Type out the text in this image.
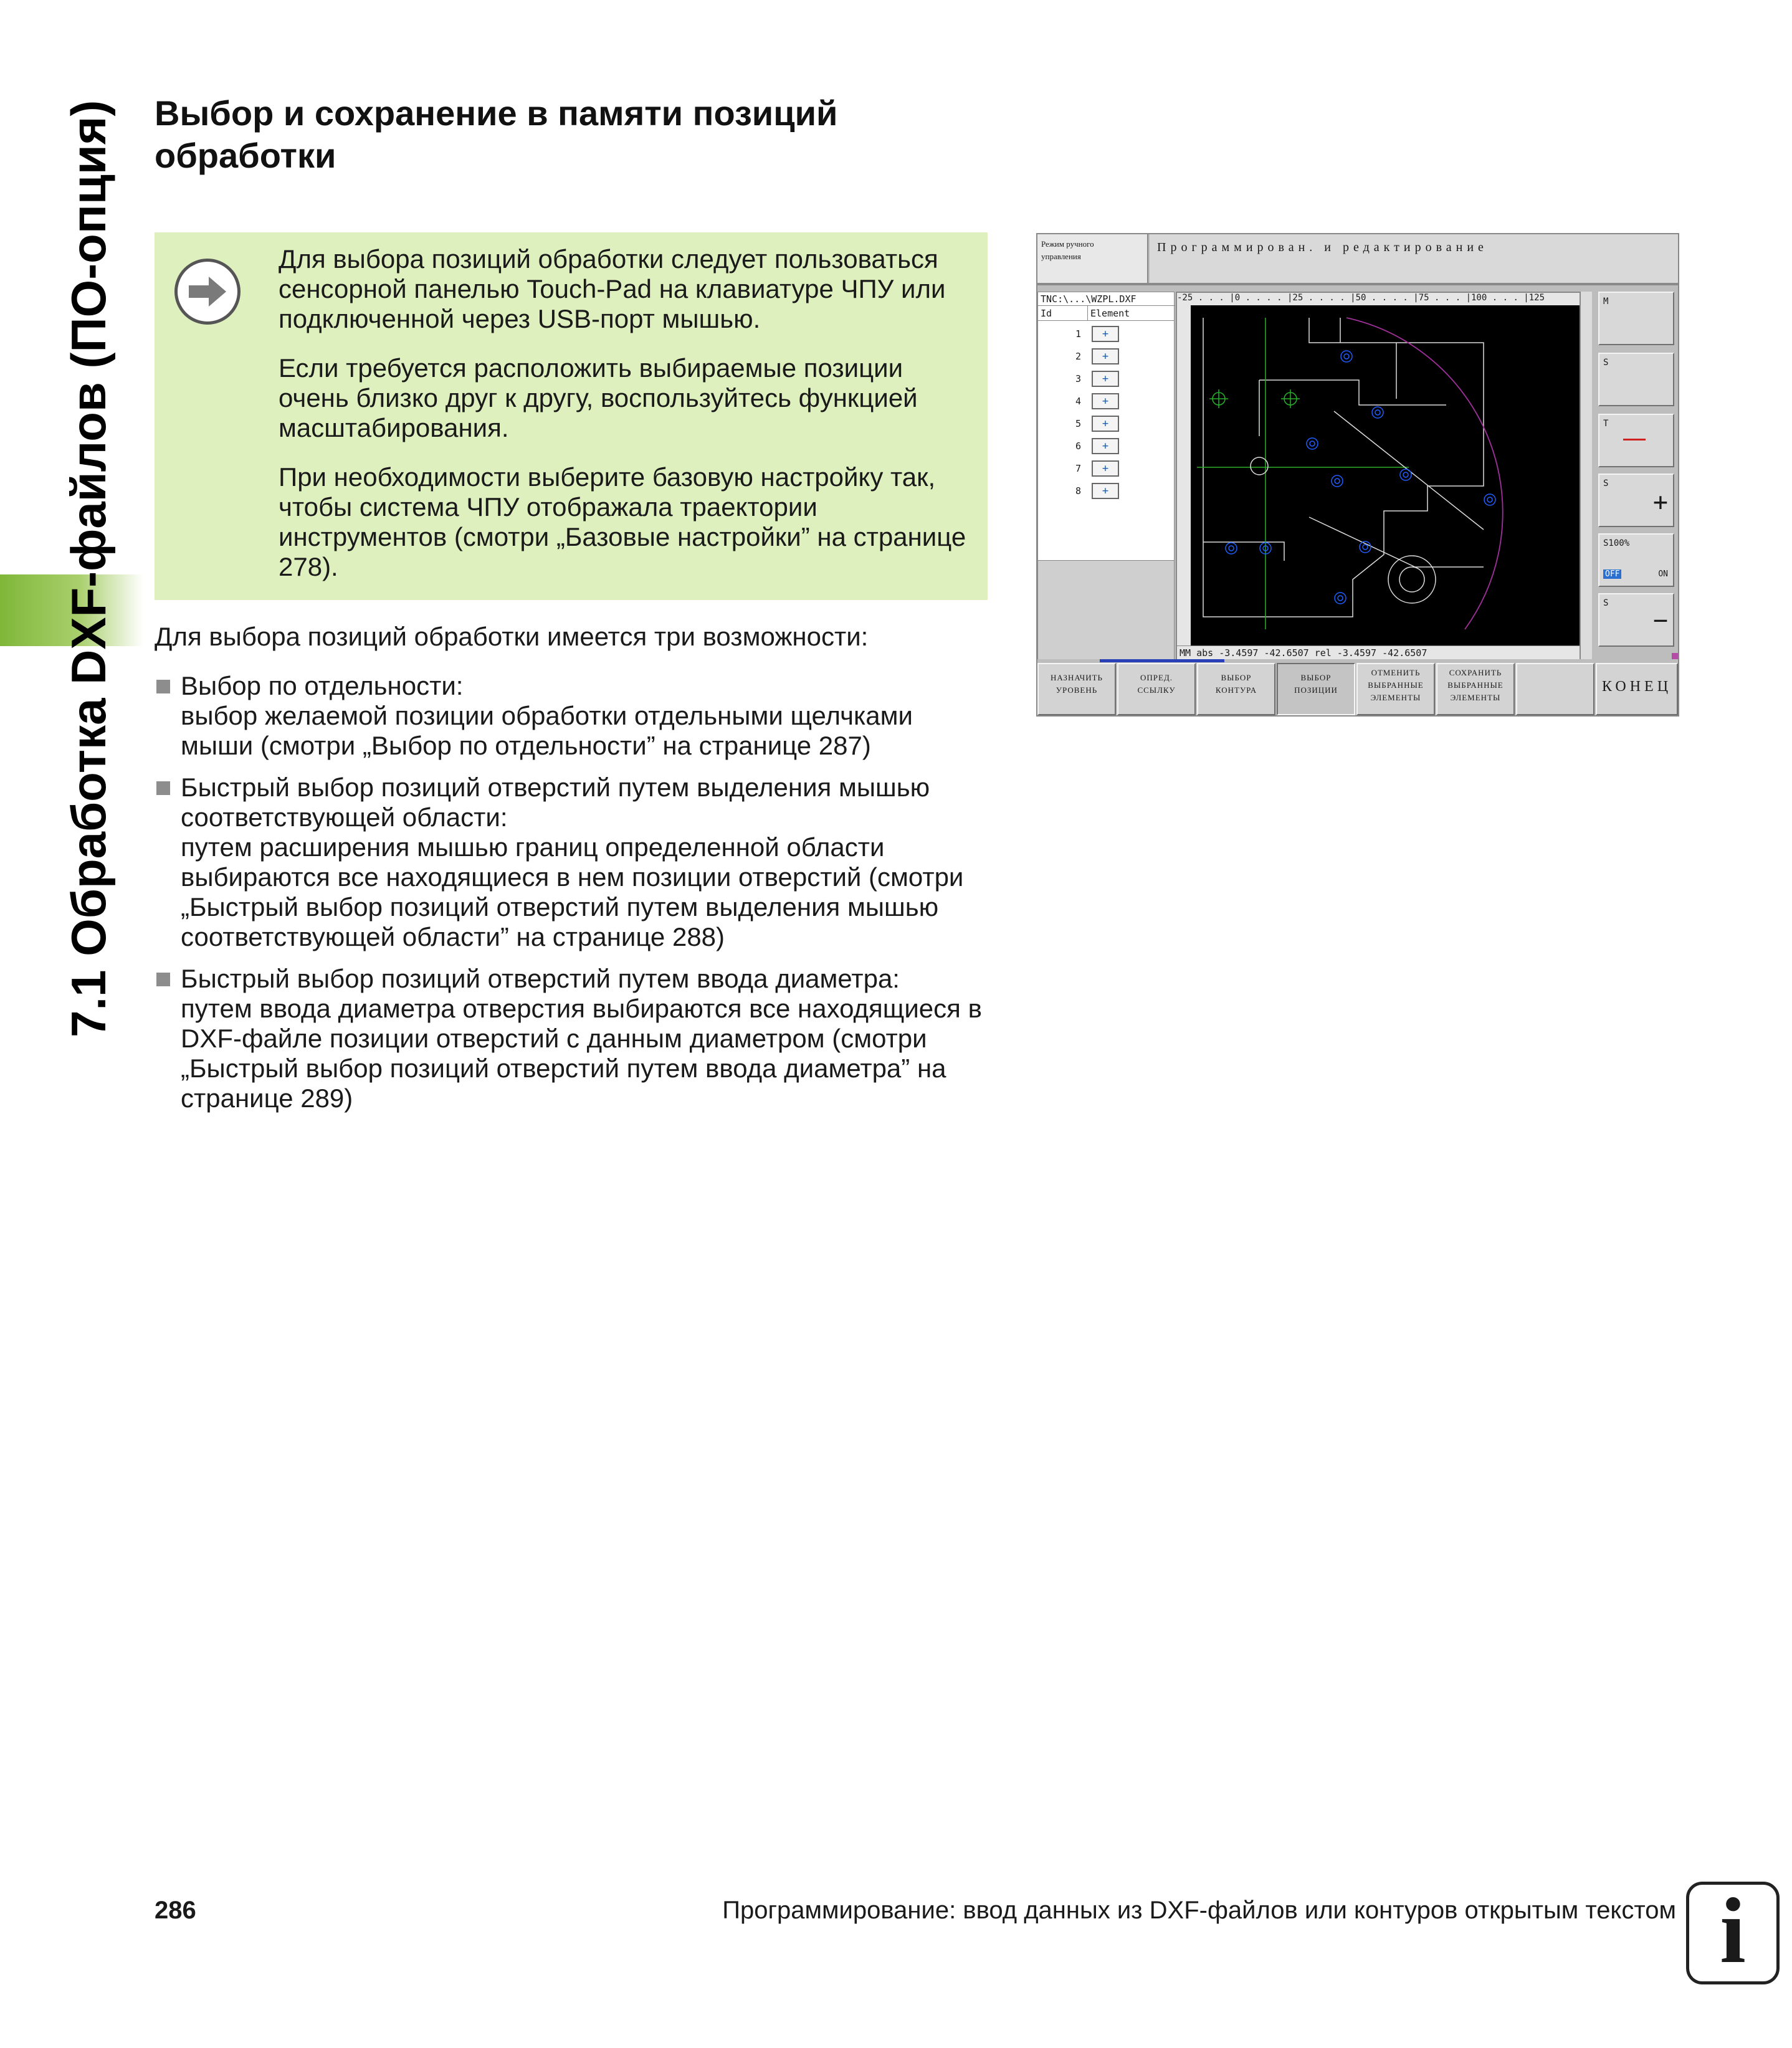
7.1 Обработка DXF-файлов (ПО-опция) Выбор и сохранение в памяти позиций обработки

Для выбора позиций обработки следует пользоваться сенсорной панелью Touch-Pad на клавиатуре ЧПУ или подключенной через USB-порт мышью.

Если требуется расположить выбираемые позиции очень близко друг к другу, воспользуйтесь функцией масштабирования.

При необходимости выберите базовую настройку так, чтобы система ЧПУ отображала траектории инструментов (смотри „Базовые настройки” на странице 278).

Для выбора позиций обработки имеется три возможности:
Выбор по отдельности:
выбор желаемой позиции обработки отдельными щелчками мыши (смотри „Выбор по отдельности” на странице 287)
Быстрый выбор позиций отверстий путем выделения мышью соответствующей области:
путем расширения мышью границ определенной области выбираются все находящиеся в нем позиции отверстий (смотри „Быстрый выбор позиций отверстий путем выделения мышью соответствующей области” на странице 288)
Быстрый выбор позиций отверстий путем ввода диаметра:
путем ввода диаметра отверстия выбираются все находящиеся в DXF-файле позиции отверстий с данным диаметром (смотри „Быстрый выбор позиций отверстий путем ввода диаметра” на странице 289)
Режим ручного
управления
Программирован. и редактирование
TNC:\...\WZPL.DXF
Id	Element
1	+
2	+
3	+
4	+
5	+
6	+
7	+
8	+
-25 . . . |0 . . . . |25 . . . . |50 . . . . |75 . . . |100 . . . |125
MM abs -3.4597 -42.6507 rel -3.4597 -42.6507
M
S
T
S
+
S100%
OFF	ON
S
−
НАЗНАЧИТЬ
УРОВЕНЬ
ОПРЕД.
ССЫЛКУ
ВЫБОР
КОНТУРА
ВЫБОР
ПОЗИЦИИ
ОТМЕНИТЬ
ВЫБРАННЫЕ
ЭЛЕМЕНТЫ
СОХРАНИТЬ
ВЫБРАННЫЕ
ЭЛЕМЕНТЫ
КОНЕЦ
286	Программирование: ввод данных из DXF-файлов или контуров открытым текстом i
